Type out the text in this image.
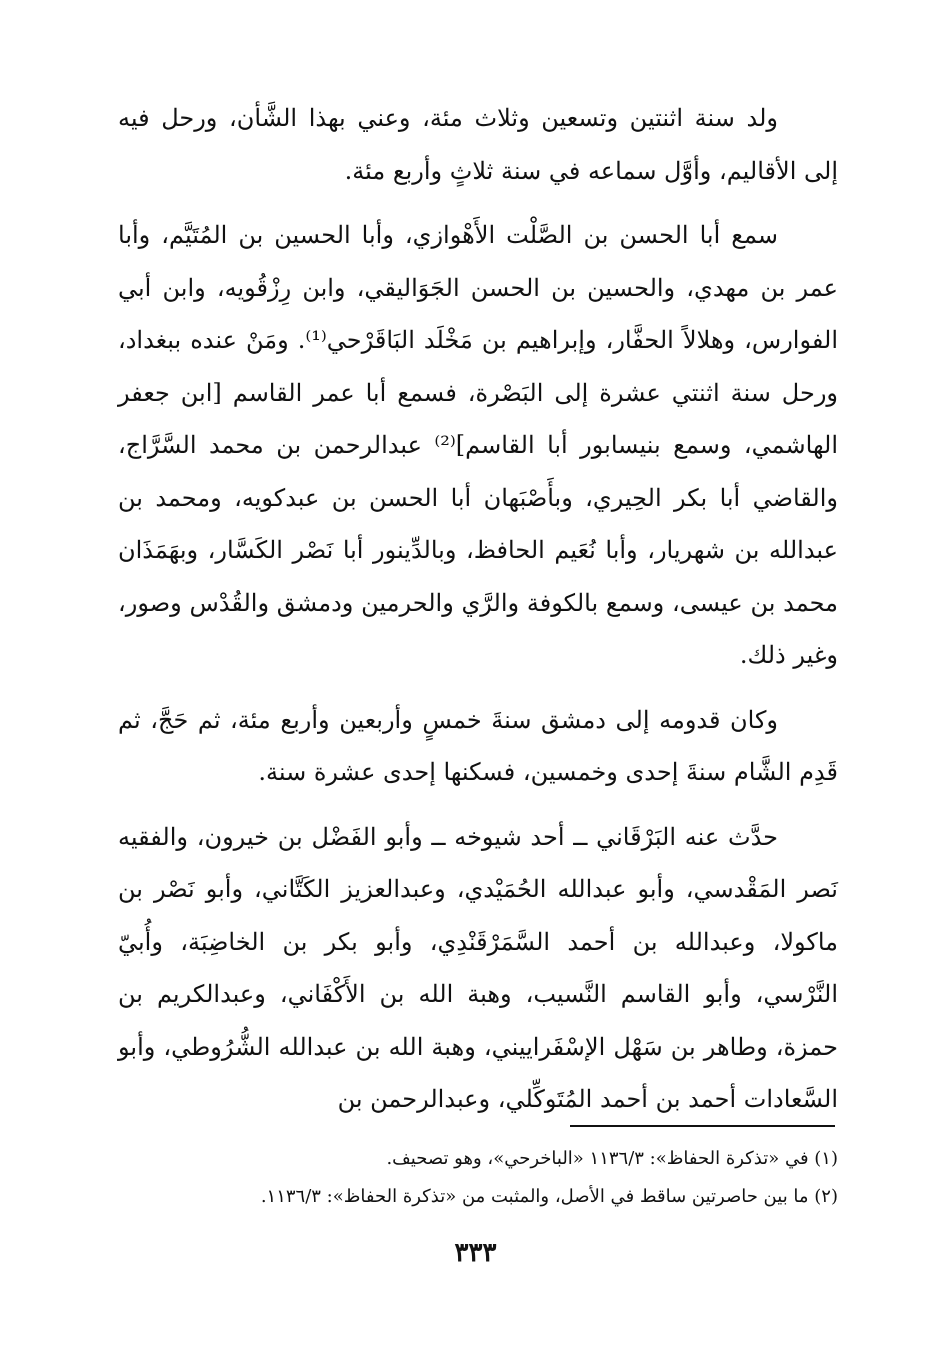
ولد سنة اثنتين وتسعين وثلاث مئة، وعني بهذا الشَّأن، ورحل فيه إلى الأقاليم، وأوَّل سماعه في سنة ثلاثٍ وأربع مئة.

سمع أبا الحسن بن الصَّلْت الأَهْوازي، وأبا الحسين بن المُتَيَّم، وأبا عمر بن مهدي، والحسين بن الحسن الجَوَاليقي، وابن رِزْقُويه، وابن أبي الفوارس، وهلالاً الحفَّار، وإبراهيم بن مَخْلَد البَاقَرْحي⁽¹⁾. ومَنْ عنده ببغداد، ورحل سنة اثنتي عشرة إلى البَصْرة، فسمع أبا عمر القاسم [ابن جعفر الهاشمي، وسمع بنيسابور أبا القاسم]⁽²⁾ عبدالرحمن بن محمد السَّرَّاج، والقاضي أبا بكر الحِيري، وبأَصْبَهان أبا الحسن بن عبدكويه، ومحمد بن عبدالله بن شهريار، وأبا نُعَيم الحافظ، وبالدِّينور أبا نَصْر الكَسَّار، وبهَمَذَان محمد بن عيسى، وسمع بالكوفة والرَّي والحرمين ودمشق والقُدْس وصور، وغير ذلك.

وكان قدومه إلى دمشق سنةَ خمسٍ وأربعين وأربع مئة، ثم حَجَّ، ثم قَدِم الشَّام سنةَ إحدى وخمسين، فسكنها إحدى عشرة سنة.

حدَّث عنه البَرْقَاني ــ أحد شيوخه ــ وأبو الفَضْل بن خيرون، والفقيه نَصر المَقْدسي، وأبو عبدالله الحُمَيْدي، وعبدالعزيز الكَتَّاني، وأبو نَصْر بن ماكولا، وعبدالله بن أحمد السَّمَرْقَنْدِي، وأبو بكر بن الخاضِبَة، وأُبيّ النَّرْسي، وأبو القاسم النَّسيب، وهبة الله بن الأَكْفَاني، وعبدالكريم بن حمزة، وطاهر بن سَهْل الإسْفَراييني، وهبة الله بن عبدالله الشُّرُوطي، وأبو السَّعادات أحمد بن أحمد المُتَوكِّلي، وعبدالرحمن بن

(١) في «تذكرة الحفاظ»: ١١٣٦/٣ «الباخرحي»، وهو تصحيف.

(٢) ما بين حاصرتين ساقط في الأصل، والمثبت من «تذكرة الحفاظ»: ١١٣٦/٣.

٣٣٣
